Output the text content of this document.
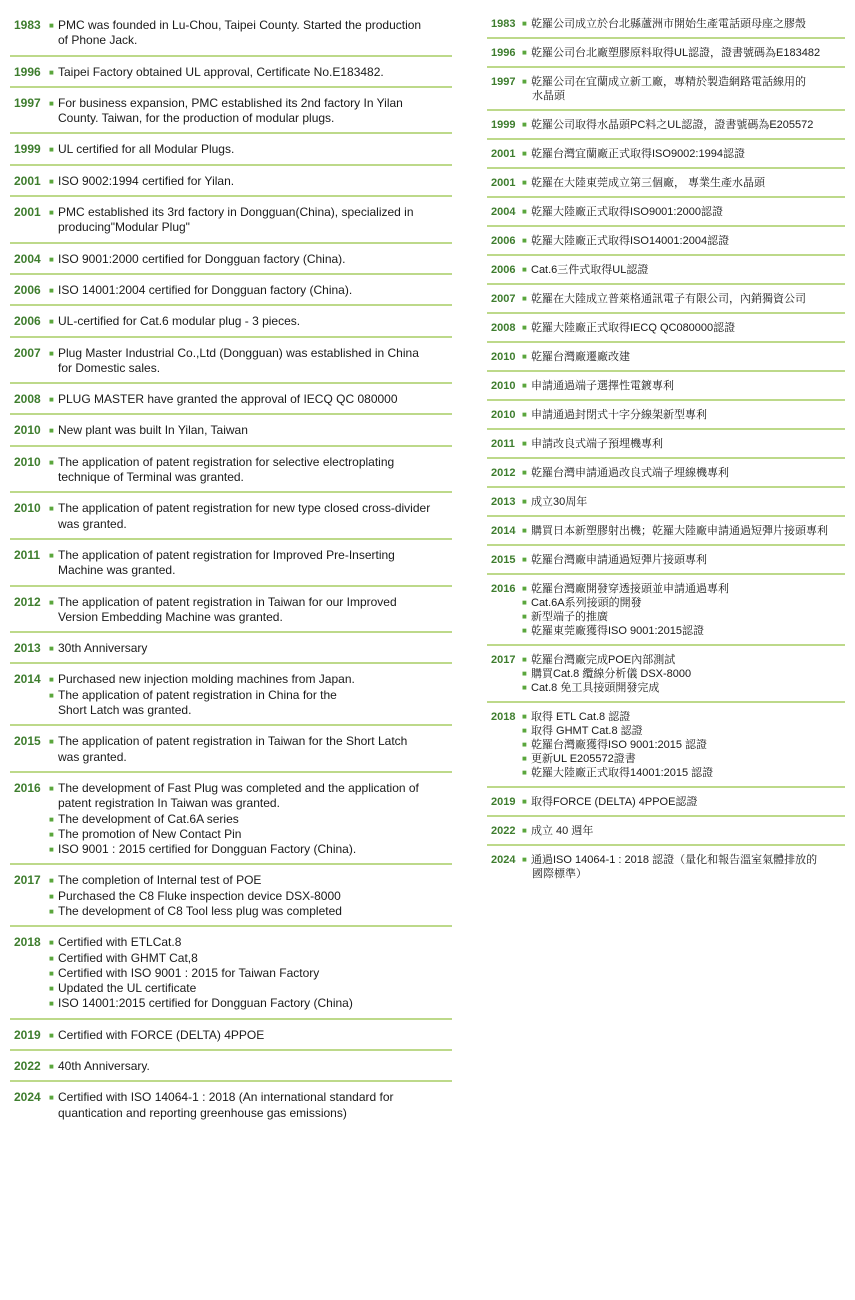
1983	■ PMC was founded in Lu-Chou, Taipei County. Started the production
of Phone Jack.
1996	■ Taipei Factory obtained UL approval, Certificate No.E183482.
1997	■ For business expansion, PMC established its 2nd factory In Yilan
County. Taiwan, for the production of modular plugs.
1999	■ UL certified for all Modular Plugs.
2001	■ ISO 9002:1994 certified for Yilan.
2001	■ PMC established its 3rd factory in Dongguan(China), specialized in
producing"Modular Plug"
2004	■ ISO 9001:2000 certified for Dongguan factory (China).
2006	■ ISO 14001:2004 certified for Dongguan factory (China).
2006	■ UL-certified for Cat.6 modular plug - 3 pieces.
2007	■ Plug Master Industrial Co.,Ltd (Dongguan) was established in China
for Domestic sales.
2008	■ PLUG MASTER have granted the approval of IECQ QC 080000
2010	■ New plant was built In Yilan, Taiwan
2010	■ The application of patent registration for selective electroplating
technique of Terminal was granted.
2010	■ The application of patent registration for new type closed cross-divider
was granted.
2011	■ The application of patent registration for Improved Pre-Inserting
Machine was granted.
2012	■ The application of patent registration in Taiwan for our Improved
Version Embedding Machine was granted.
2013	■ 30th Anniversary
2014	■ Purchased new injection molding machines from Japan.
■ The application of patent registration in China for the
Short Latch was granted.
2015	■ The application of patent registration in Taiwan for the Short Latch
was granted.
2016	■ The development of Fast Plug was completed and the application of
patent registration In Taiwan was granted.
■ The development of Cat.6A series
■ The promotion of New Contact Pin
■ ISO 9001 : 2015 certified for Dongguan Factory (China).
2017	■ The completion of Internal test of POE
■ Purchased the C8 Fluke inspection device DSX-8000
■ The development of C8 Tool less plug was completed
2018	■ Certified with ETLCat.8
■ Certified with GHMT Cat,8
■ Certified with ISO 9001 : 2015 for Taiwan Factory
■ Updated the UL certificate
■ ISO 14001:2015 certified for Dongguan Factory (China)
2019	■ Certified with FORCE (DELTA) 4PPOE
2022	■ 40th Anniversary.
2024	■ Certified with ISO 14064-1 : 2018 (An international standard for
quantication and reporting greenhouse gas emissions)
1983 ■ 乾羅公司成立於台北縣蘆洲市開始生產電話頭母座之膠殼
1996 ■ 乾羅公司台北廠塑膠原料取得UL認證，證書號碼為E183482
1997 ■ 乾羅公司在宜蘭成立新工廠，專精於製造網路電話線用的
水晶頭
1999 ■ 乾羅公司取得水晶頭PC料之UL認證，證書號碼為E205572
2001 ■ 乾羅台灣宜蘭廠正式取得ISO9002:1994認證
2001 ■ 乾羅在大陸東莞成立第三個廠， 專業生產水晶頭
2004 ■ 乾羅大陸廠正式取得ISO9001:2000認證
2006 ■ 乾羅大陸廠正式取得ISO14001:2004認證
2006 ■ Cat.6三件式取得UL認證
2007 ■ 乾羅在大陸成立普萊格通訊電子有限公司，內銷獨資公司
2008 ■ 乾羅大陸廠正式取得IECQ QC080000認證
2010 ■ 乾羅台灣廠遷廠改建
2010 ■ 申請通過端子選擇性電鍍專利
2010 ■ 申請通過封閉式十字分線架新型專利
2011 ■ 申請改良式端子預埋機專利
2012 ■ 乾羅台灣申請通過改良式端子埋線機專利
2013 ■ 成立30周年
2014 ■ 購買日本新塑膠射出機；乾羅大陸廠申請通過短彈片接頭專利
2015 ■ 乾羅台灣廠申請通過短彈片接頭專利
2016 ■ 乾羅台灣廠開發穿透接頭並申請通過專利
■ Cat.6A系列接頭的開發
■ 新型端子的推廣
■ 乾羅東莞廠獲得ISO 9001:2015認證
2017 ■ 乾羅台灣廠完成POE內部測試
■ 購買Cat.8 纜線分析儀 DSX-8000
■ Cat.8 免工具接頭開發完成
2018 ■ 取得 ETL Cat.8 認證
■ 取得 GHMT Cat.8 認證
■ 乾羅台灣廠獲得ISO 9001:2015 認證
■ 更新UL E205572證書
■ 乾羅大陸廠正式取得14001:2015 認證
2019 ■ 取得FORCE (DELTA) 4PPOE認證
2022 ■ 成立 40 週年
2024 ■ 通過ISO 14064-1 : 2018 認證（量化和報告溫室氣體排放的
國際標準）
